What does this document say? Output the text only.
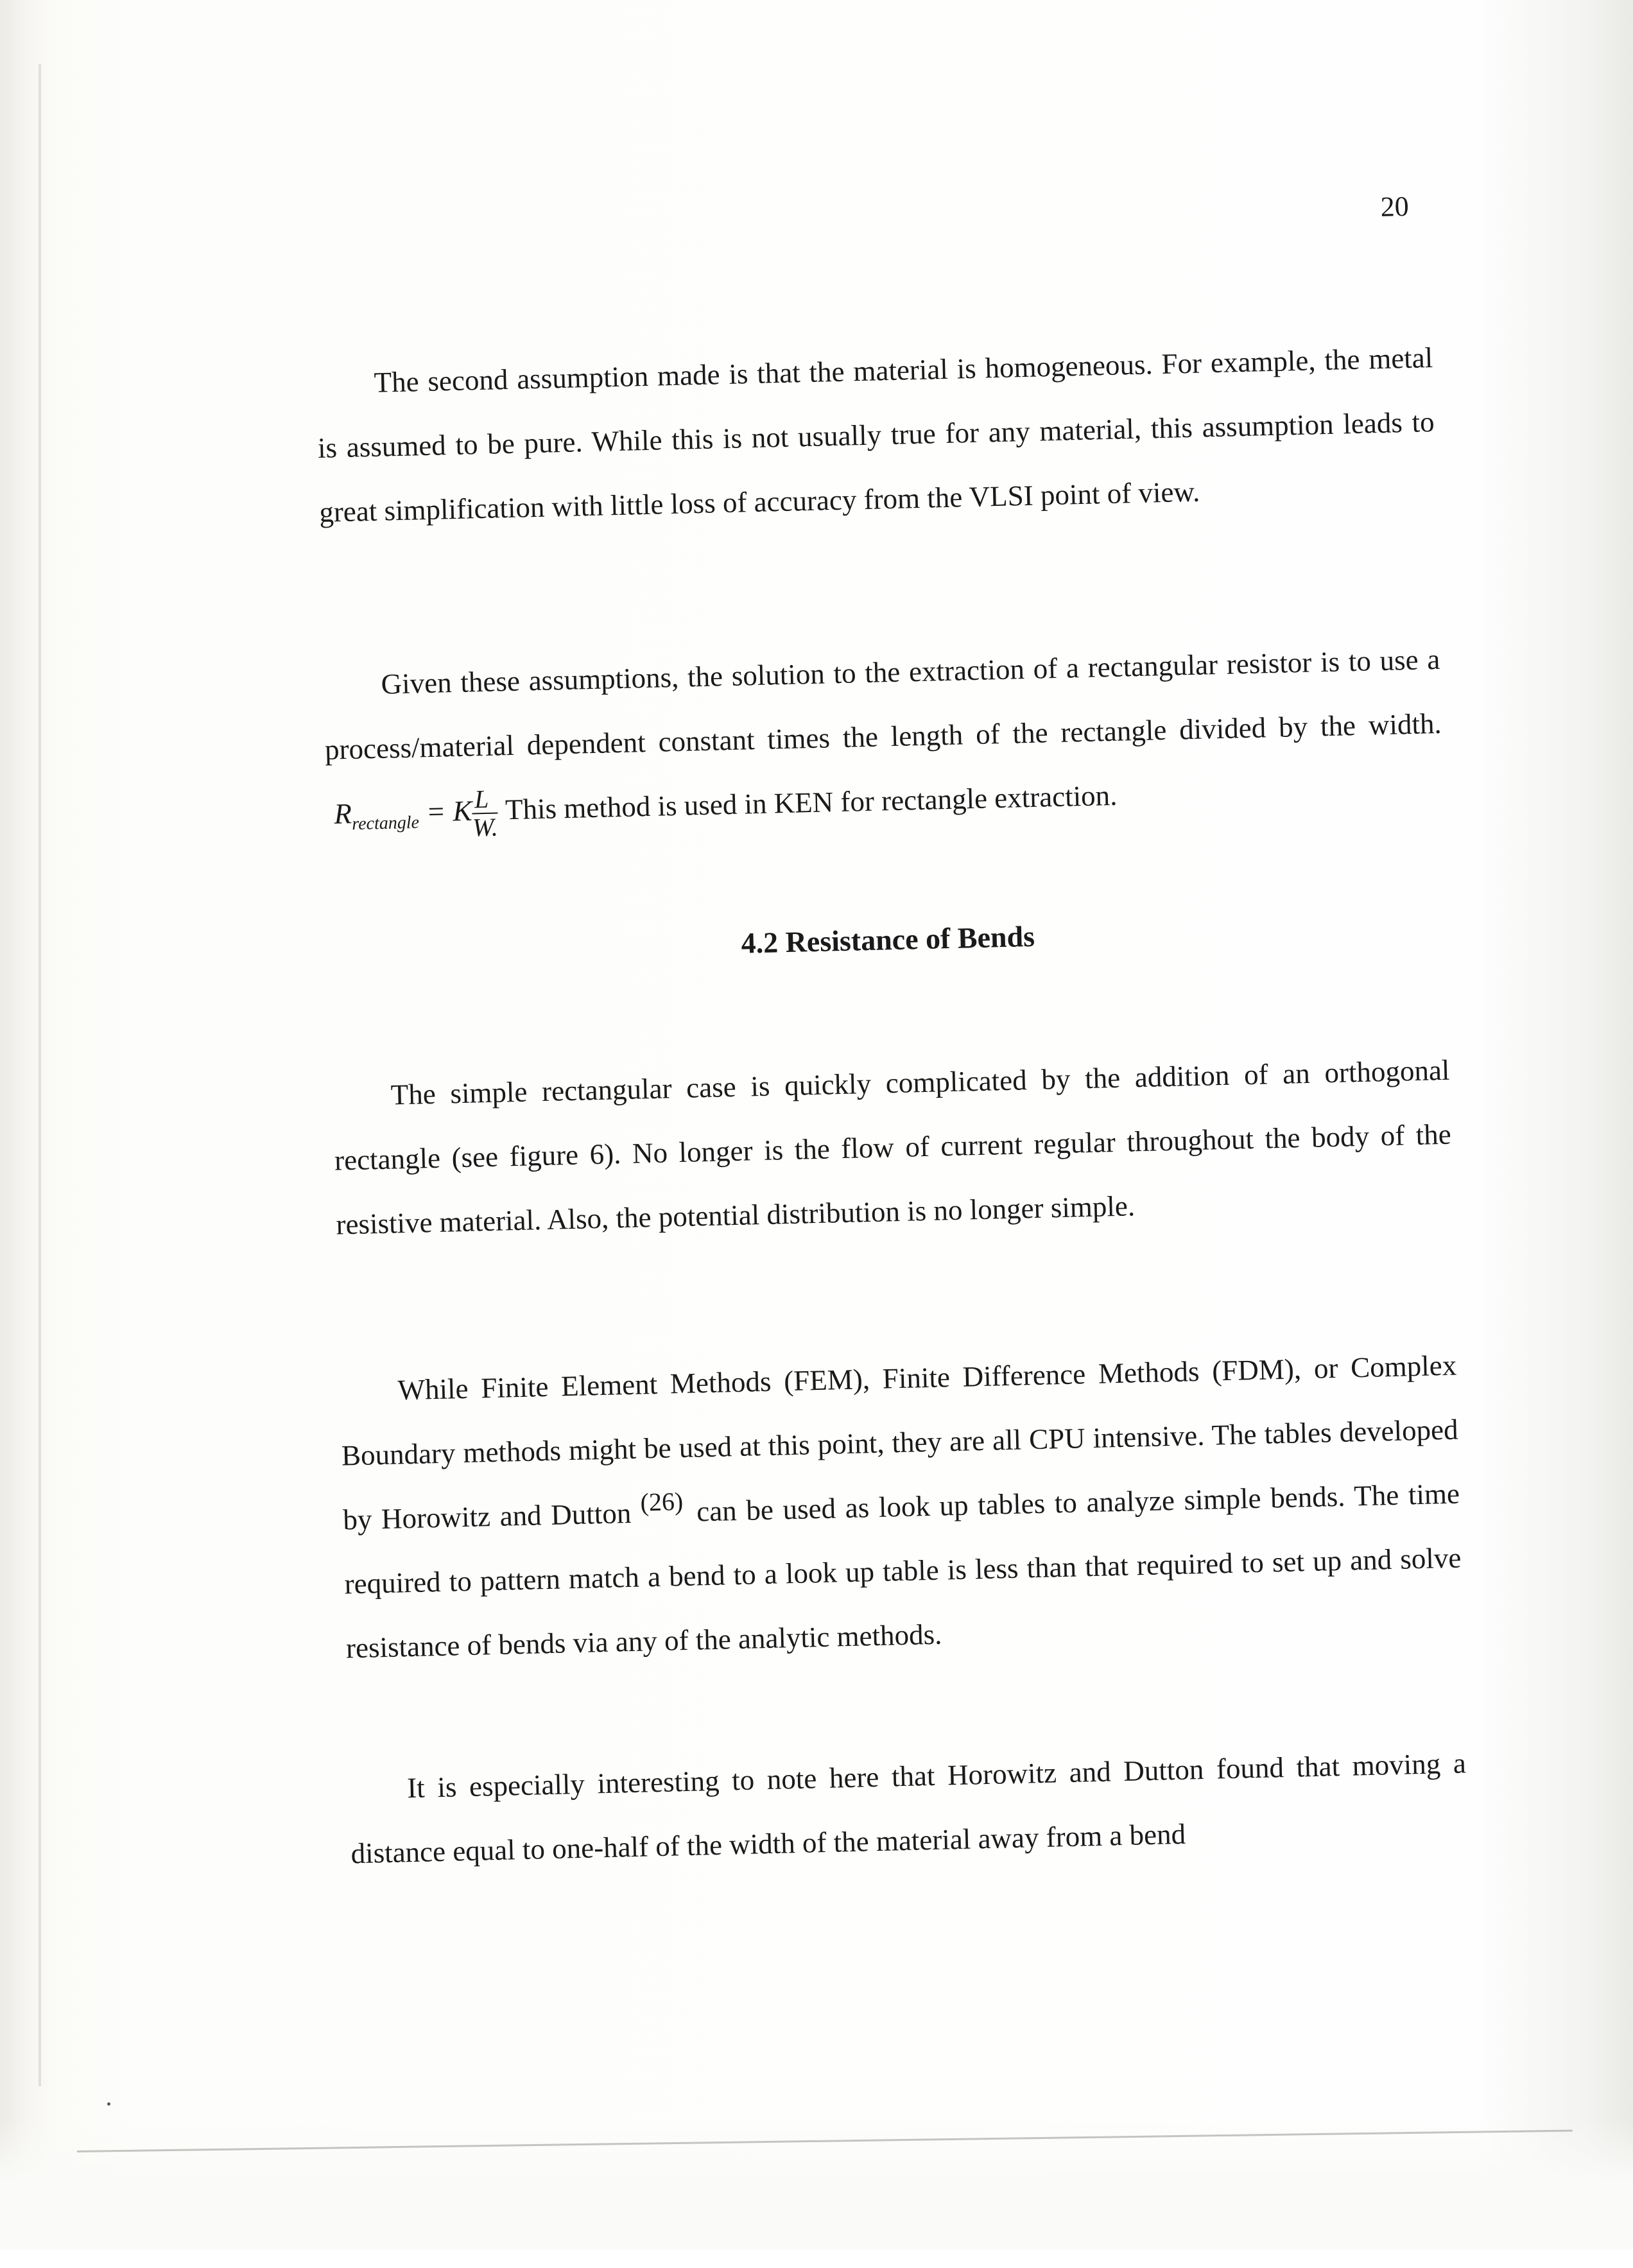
20

The second assumption made is that the material is homogeneous. For example, the metal is assumed to be pure. While this is not usually true for any material, this assumption leads to great simplification with little loss of accuracy from the VLSI point of view.

Given these assumptions, the solution to the extraction of a rectangular resistor is to use a process/material dependent constant times the length of the rectangle divided by the $width.R_{rectangle} = K$
$\frac{L}{W.}$ This method is used in KEN for rectangle extraction.

4.2 Resistance of Bends

The simple rectangular case is quickly complicated by the addition of an orthogonal rectangle (see figure 6). No longer is the flow of current regular throughout the body of the resistive material. Also, the potential distribution is no longer simple.

While Finite Element Methods (FEM), Finite Difference Methods (FDM), or Complex Boundary methods might be used at this point, they are all CPU intensive. The tables developed by Horowitz and Dutton $^{(26)}$ can be used as look up tables to analyze simple bends. The time required to pattern match a bend to a look up table is less than that required to set up and solve resistance of bends via any of the analytic methods.

It is especially interesting to note here that Horowitz and Dutton found that moving a distance equal to one-half of the width of the material away from a bend
